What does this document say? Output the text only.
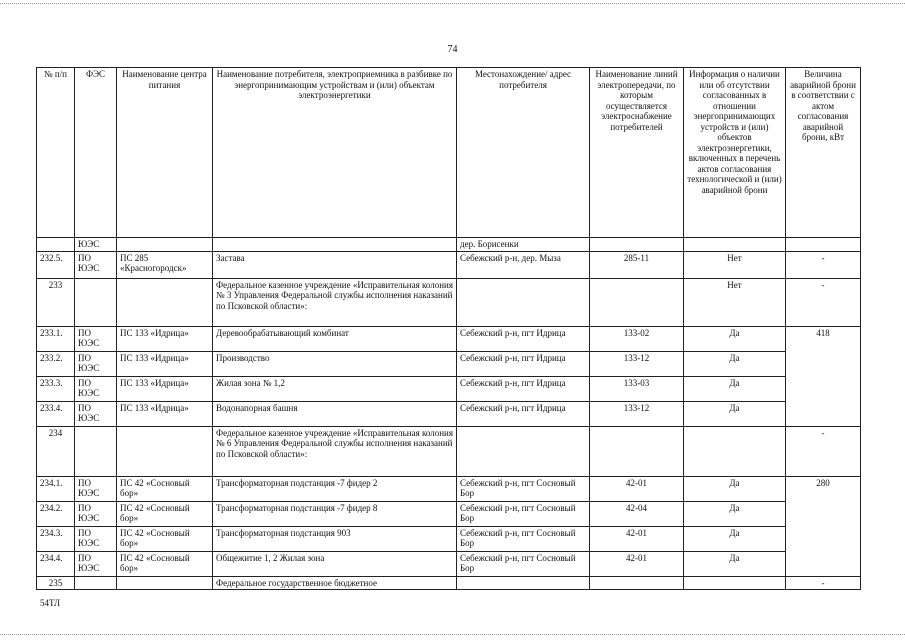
74
№ п/п	ФЭС	Наименование центра питания	Наименование потребителя, электроприемника в разбивке по энергопринимающим устройствам и (или) объектам электроэнергетики	Местонахождение/ адрес потребителя	Наименование линий электропередачи, по которым осуществляется электроснабжение потребителей	Информация о наличии или об отсутствии согласованных в отношении энергопринимающих устройств и (или) объектов электроэнергетики, включенных в перечень актов согласования технологической и (или) аварийной брони	Величина аварийной брони в соответствии с актом согласования аварийной брони, кВт
	ЮЭС			дер. Борисенки			
232.5.	ПО ЮЭС	ПС 285 «Красногородск»	Застава	Себежский р-н, дер. Мыза	285-11	Нет	-
233			Федеральное казенное учреждение «Исправительная колония № 3 Управления Федеральной службы исполнения наказаний по Псковской области»:			Нет	-
233.1.	ПО ЮЭС	ПС 133 «Идрица»	Деревообрабатывающий комбинат	Себежский р-н, пгт Идрица	133-02	Да	418
233.2.	ПО ЮЭС	ПС 133 «Идрица»	Производство	Себежский р-н, пгт Идрица	133-12	Да	
233.3.	ПО ЮЭС	ПС 133 «Идрица»	Жилая зона № 1,2	Себежский р-н, пгт Идрица	133-03	Да	
233.4.	ПО ЮЭС	ПС 133 «Идрица»	Водонапорная башня	Себежский р-н, пгт Идрица	133-12	Да	
234			Федеральное казенное учреждение «Исправительная колония № 6 Управления Федеральной службы исполнения наказаний по Псковской области»:				-
234.1.	ПО ЮЭС	ПС 42 «Сосновый бор»	Трансформаторная подстанция -7 фидер 2	Себежский р-н, пгт Сосновый Бор	42-01	Да	280
234.2.	ПО ЮЭС	ПС 42 «Сосновый бор»	Трансформаторная подстанция -7 фидер 8	Себежский р-н, пгт Сосновый Бор	42-04	Да	
234.3.	ПО ЮЭС	ПС 42 «Сосновый бор»	Трансформаторная подстанция 903	Себежский р-н, пгт Сосновый Бор	42-01	Да	
234.4.	ПО ЮЭС	ПС 42 «Сосновый бор»	Общежитие 1, 2 Жилая зона	Себежский р-н, пгт Сосновый Бор	42-01	Да	
235			Федеральное государственное бюджетное				-
54ТЛ
